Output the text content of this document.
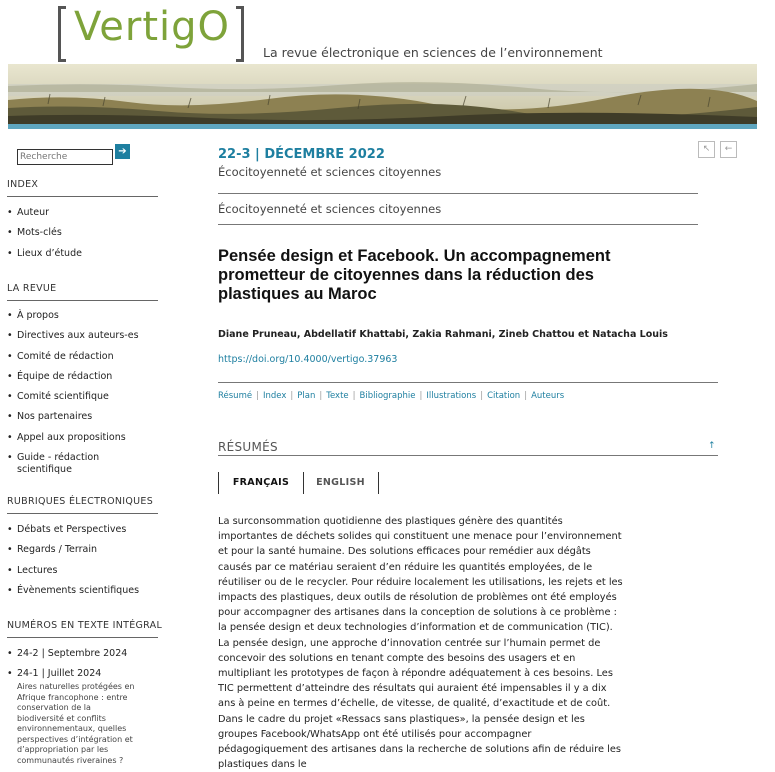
VertigO
La revue électronique en sciences de l’environnement
Recherche
➔
INDEX
• Auteur
• Mots-clés
• Lieux d’étude
LA REVUE
• À propos
• Directives aux auteurs-es
• Comité de rédaction
• Équipe de rédaction
• Comité scientifique
• Nos partenaires
• Appel aux propositions
• Guide - rédaction scientifique
RUBRIQUES ÉLECTRONIQUES
• Débats et Perspectives
• Regards / Terrain
• Lectures
• Évènements scientifiques
NUMÉROS EN TEXTE INTÉGRAL
• 24-2 | Septembre 2024
• 24-1 | Juillet 2024
Aires naturelles protégées en Afrique francophone : entre conservation de la biodiversité et conflits environnementaux, quelles perspectives d’intégration et d’appropriation par les communautés riveraines ?
22-3 | DÉCEMBRE 2022
Écocitoyenneté et sciences citoyennes
↖	←
Écocitoyenneté et sciences citoyennes
Pensée design et Facebook. Un accompagnement prometteur de citoyennes dans la réduction des plastiques au Maroc
Diane Pruneau, Abdellatif Khattabi, Zakia Rahmani, Zineb Chattou et Natacha Louis
https://doi.org/10.4000/vertigo.37963
Résumé | Index | Plan | Texte | Bibliographie | Illustrations | Citation | Auteurs
RÉSUMÉS	↑
FRANÇAIS	ENGLISH

La surconsommation quotidienne des plastiques génère des quantités importantes de déchets solides qui constituent une menace pour l’environnement et pour la santé humaine. Des solutions efficaces pour remédier aux dégâts causés par ce matériau seraient d’en réduire les quantités employées, de le réutiliser ou de le recycler. Pour réduire localement les utilisations, les rejets et les impacts des plastiques, deux outils de résolution de problèmes ont été employés pour accompagner des artisanes dans la conception de solutions à ce problème : la pensée design et deux technologies d’information et de communication (TIC). La pensée design, une approche d’innovation centrée sur l’humain permet de concevoir des solutions en tenant compte des besoins des usagers et en multipliant les prototypes de façon à répondre adéquatement à ces besoins. Les TIC permettent d’atteindre des résultats qui auraient été impensables il y a dix ans à peine en termes d’échelle, de vitesse, de qualité, d’exactitude et de coût. Dans le cadre du projet «Ressacs sans plastiques», la pensée design et les groupes Facebook/WhatsApp ont été utilisés pour accompagner pédagogiquement des artisanes dans la recherche de solutions afin de réduire les plastiques dans le
